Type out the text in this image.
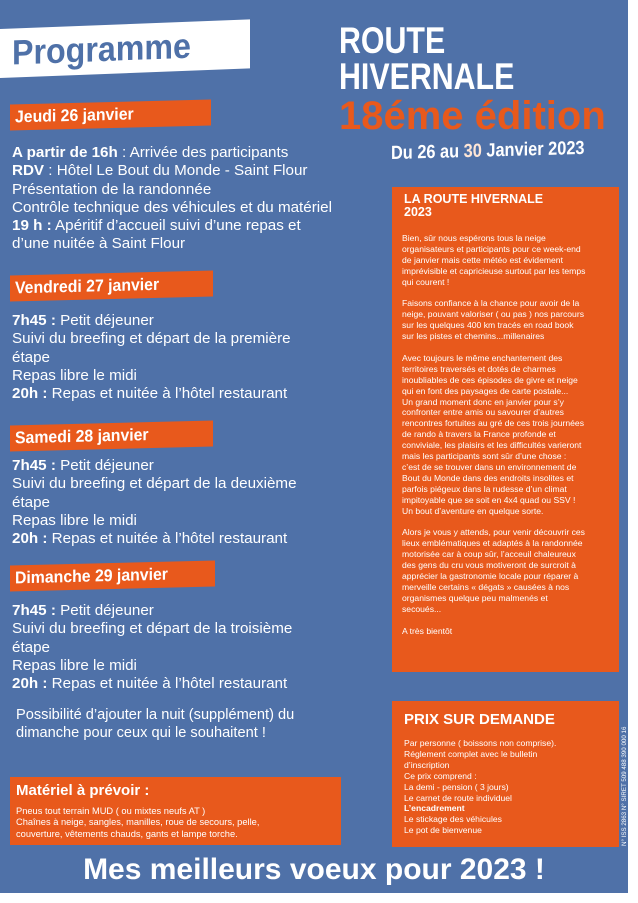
Programme	ROUTE
HIVERNALE
18éme édition
Du 26 au 30 Janvier 2023
Jeudi 26 janvier
A partir de 16h : Arrivée des participants
RDV : Hôtel Le Bout du Monde - Saint Flour
Présentation de la randonnée
Contrôle technique des véhicules et du matériel
19 h : Apéritif d’accueil suivi d’une repas et
d’une nuitée à Saint Flour
Vendredi 27 janvier
7h45 : Petit déjeuner
Suivi du breefing et départ de la première
étape
Repas libre le midi
20h : Repas et nuitée à l’hôtel restaurant
Samedi 28 janvier
7h45 : Petit déjeuner
Suivi du breefing et départ de la deuxième
étape
Repas libre le midi
20h : Repas et nuitée à l’hôtel restaurant
Dimanche 29 janvier
7h45 : Petit déjeuner
Suivi du breefing et départ de la troisième
étape
Repas libre le midi
20h : Repas et nuitée à l’hôtel restaurant
Possibilité d’ajouter la nuit (supplément) du
dimanche pour ceux qui le souhaitent !
Matériel à prévoir :
Pneus tout terrain MUD ( ou mixtes neufs AT )
Chaînes à neige, sangles, manilles, roue de secours, pelle,
couverture, vêtements chauds, gants et lampe torche.
LA ROUTE HIVERNALE
2023

Bien, sûr nous espérons tous la neige
organisateurs et participants pour ce week-end
de janvier mais cette météo est évidement
imprévisible et capricieuse surtout par les temps
qui courent !

Faisons confiance à la chance pour avoir de la
neige, pouvant valoriser ( ou pas ) nos parcours
sur les quelques 400 km tracés en road book
sur les pistes et chemins...millenaires

Avec toujours le même enchantement des
territoires traversés et dotés de charmes
inoubliables de ces épisodes de givre et neige
qui en font des paysages de carte postale...
Un grand moment donc en janvier pour s’y
confronter entre amis ou savourer d’autres
rencontres fortuites au gré de ces trois journées
de rando à travers la France profonde et
conviviale, les plaisirs et les difficultés varieront
mais les participants sont sûr d’une chose :
c’est de se trouver dans un environnement de
Bout du Monde dans des endroits insolites et
parfois piégeux dans la rudesse d’un climat
impitoyable que se soit en 4x4 quad ou SSV !
Un bout d’aventure en quelque sorte.

Alors je vous y attends, pour venir découvrir ces
lieux emblématiques et adaptés à la randonnée
motorisée car à coup sûr, l’acceuil chaleureux
des gens du cru vous motiveront de surcroit à
apprécier la gastronomie locale pour réparer à
merveille certains « dégats » causées à nos
organismes quelque peu malmenés et
secoués...

A très bientôt

PRIX SUR DEMANDE
Par personne ( boissons non comprise).
Réglement complet avec le bulletin
d’inscription
Ce prix comprend :
La demi - pension ( 3 jours)
Le carnet de route individuel
L’encadrement
Le stickage des véhicules
Le pot de bienvenue	N° ISS 2863 N° SIRET 509 488 390 000 16
Mes meilleurs voeux pour 2023 !
